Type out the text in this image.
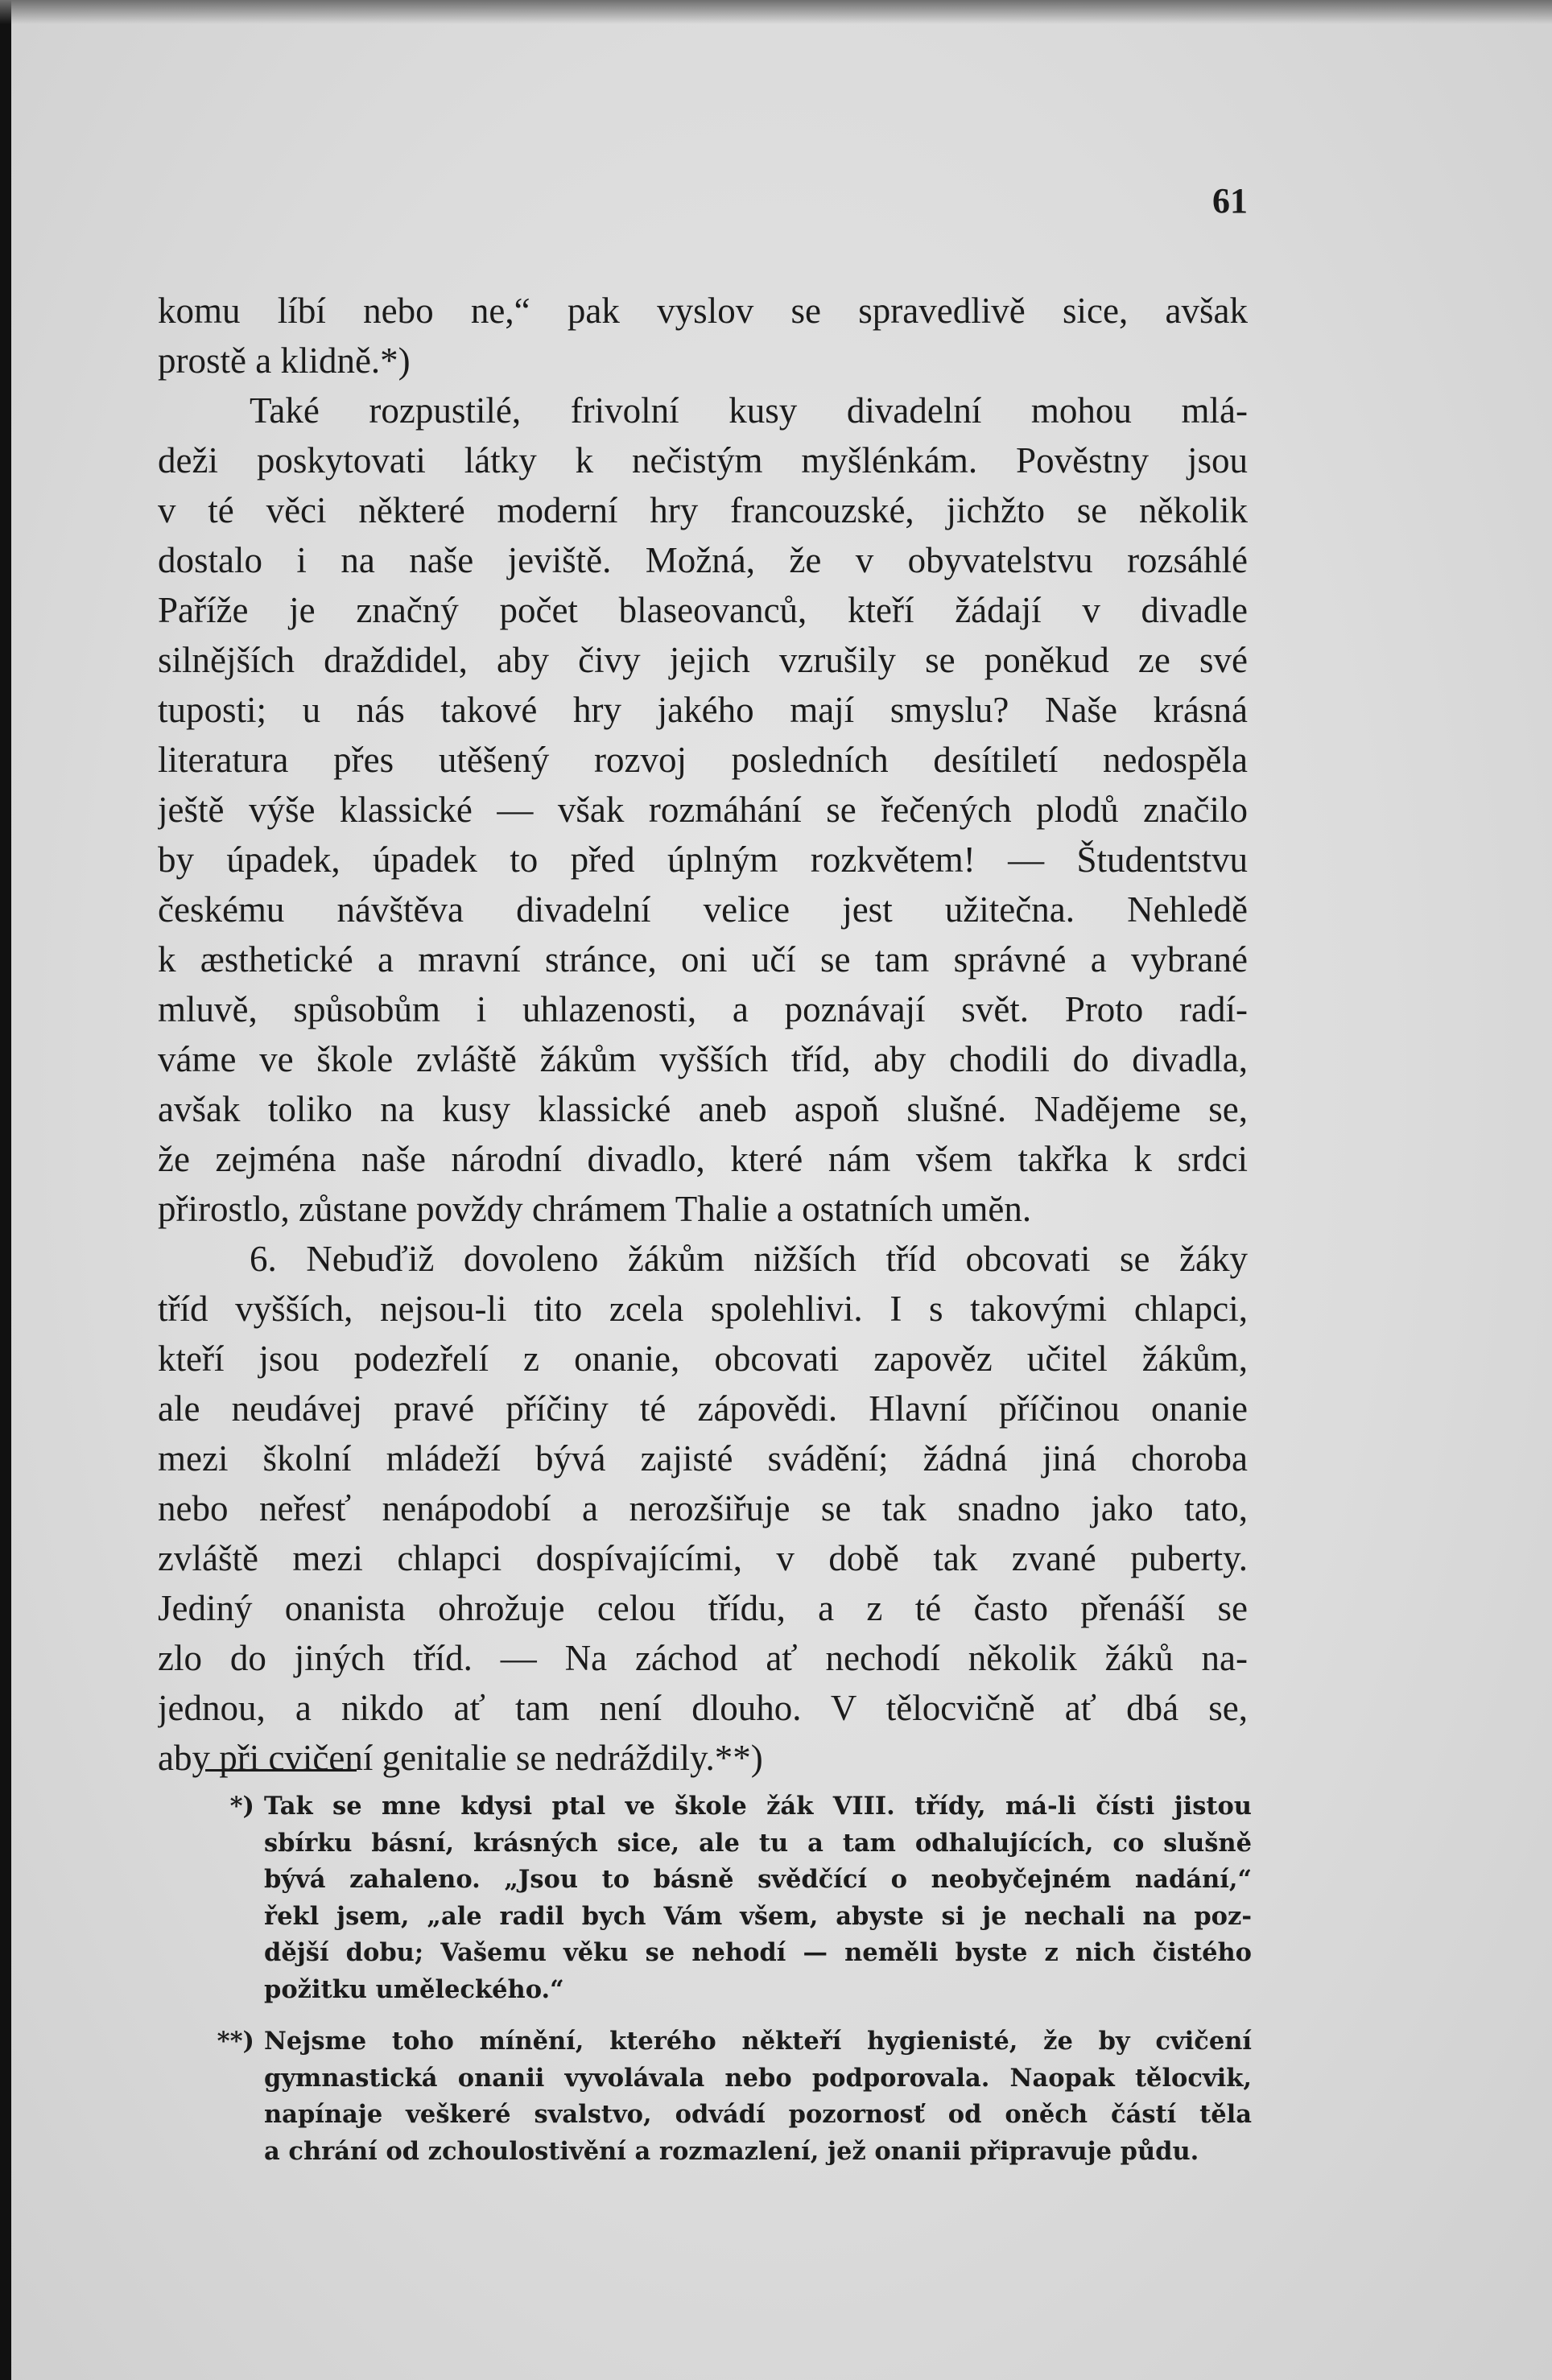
61
komu líbí nebo ne,“ pak vyslov se spravedlivě sice, avšak
prostě a klidně.*)
Také rozpustilé, frivolní kusy divadelní mohou mlá-
deži poskytovati látky k nečistým myšlénkám. Pověstny jsou
v té věci některé moderní hry francouzské, jichžto se několik
dostalo i na naše jeviště. Možná, že v obyvatelstvu rozsáhlé
Paříže je značný počet blaseovanců, kteří žádají v divadle
silnějších draždidel, aby čivy jejich vzrušily se poněkud ze své
tuposti; u nás takové hry jakého mají smyslu? Naše krásná
literatura přes utěšený rozvoj posledních desítiletí nedospěla
ještě výše klassické — však rozmáhání se řečených plodů značilo
by úpadek, úpadek to před úplným rozkvětem! — Študentstvu
českému návštěva divadelní velice jest užitečna. Nehledě
k æsthetické a mravní stránce, oni učí se tam správné a vybrané
mluvě, spůsobům i uhlazenosti, a poznávají svět. Proto radí-
váme ve škole zvláště žákům vyšších tříd, aby chodili do divadla,
avšak toliko na kusy klassické aneb aspoň slušné. Nadějeme se,
že zejména naše národní divadlo, které nám všem takřka k srdci
přirostlo, zůstane povždy chrámem Thalie a ostatních umĕn.
6. Nebuďiž dovoleno žákům nižších tříd obcovati se žáky
tříd vyšších, nejsou-li tito zcela spolehlivi. I s takovými chlapci,
kteří jsou podezřelí z onanie, obcovati zapověz učitel žákům,
ale neudávej pravé příčiny té zápovědi. Hlavní příčinou onanie
mezi školní mládeží bývá zajisté svádění; žádná jiná choroba
nebo neřesť nenápodobí a nerozšiřuje se tak snadno jako tato,
zvláště mezi chlapci dospívajícími, v době tak zvané puberty.
Jediný onanista ohrožuje celou třídu, a z té často přenáší se
zlo do jiných tříd. — Na záchod ať nechodí několik žáků na-
jednou, a nikdo ať tam není dlouho. V tělocvičně ať dbá se,
aby při cvičení genitalie se nedráždily.**)
*) Tak se mne kdysi ptal ve škole žák VIII. třídy, má-li čísti jistou
sbírku básní, krásných sice, ale tu a tam odhalujících, co slušně
bývá zahaleno. „Jsou to básně svědčící o neobyčejném nadání,“
řekl jsem, „ale radil bych Vám všem, abyste si je nechali na poz-
dější dobu; Vašemu věku se nehodí — neměli byste z nich čistého
požitku uměleckého.“
**) Nejsme toho mínění, kterého někteří hygienisté, že by cvičení
gymnastická onanii vyvolávala nebo podporovala. Naopak tělocvik,
napínaje veškeré svalstvo, odvádí pozornosť od oněch částí těla
a chrání od zchoulostivění a rozmazlení, jež onanii připravuje půdu.
